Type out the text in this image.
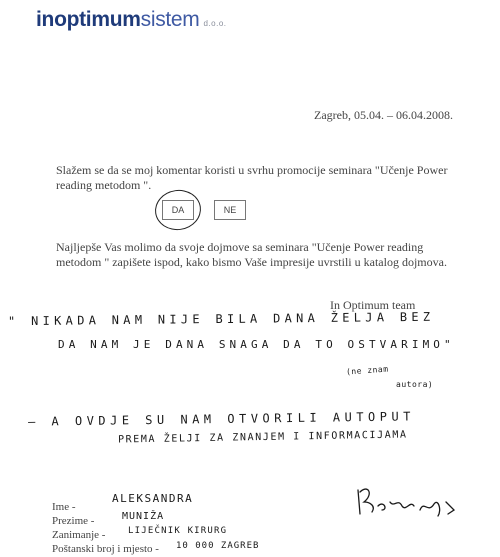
inoptimumsistem d.o.o.
Zagreb, 05.04. – 06.04.2008.
Slažem se da se moj komentar koristi u svrhu promocije seminara "Učenje Power reading metodom ".
DA	NE
Najljepše Vas molimo da svoje dojmove sa seminara "Učenje Power reading metodom " zapišete ispod, kako bismo Vaše impresije uvrstili u katalog dojmova.
In Optimum team
" NIKADA NAM NIJE BILA DANA ŽELJA BEZ
DA NAM JE DANA SNAGA DA TO OSTVARIMO"
(ne znam
autora)
— A OVDJE SU NAM OTVORILI AUTOPUT
PREMA ŽELJI ZA ZNANJEM I INFORMACIJAMA
Ime -
ALEKSANDRA
Prezime -	MUNIŽA
Zanimanje -	LIJEČNIK KIRURG
Poštanski broj i mjesto - 10 000 ZAGREB
